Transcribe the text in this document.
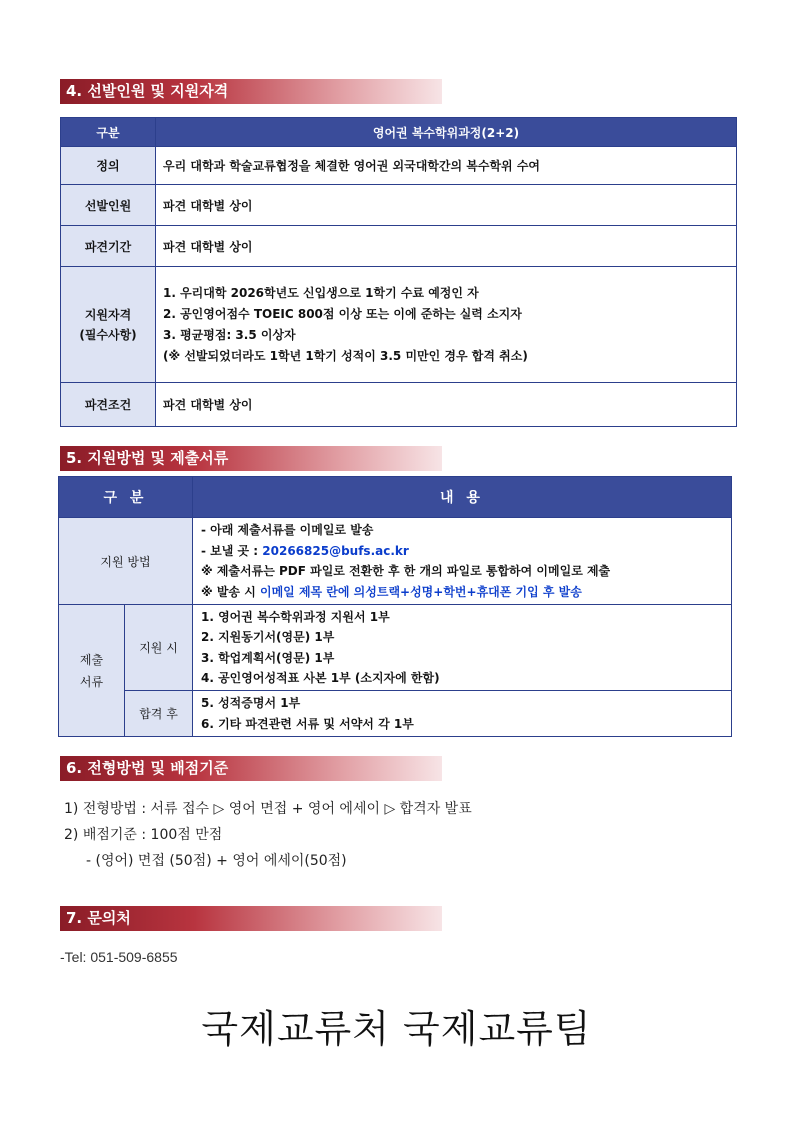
4. 선발인원 및 지원자격
구분	영어권 복수학위과정(2+2)
정의	우리 대학과 학술교류협정을 체결한 영어권 외국대학간의 복수학위 수여
선발인원	파견 대학별 상이
파견기간	파견 대학별 상이

지원자격
(필수사항)	1. 우리대학 2026학년도 신입생으로 1학기 수료 예정인 자
2. 공인영어점수 TOEIC 800점 이상 또는 이에 준하는 실력 소지자
3. 평균평점: 3.5 이상자
(※ 선발되었더라도 1학년 1학기 성적이 3.5 미만인 경우 합격 취소)

파견조건	파견 대학별 상이
5. 지원방법 및 제출서류
구 분		내 용
지원 방법		- 아래 제출서류를 이메일로 발송
- 보낼 곳 : 20266825@bufs.ac.kr
※ 제출서류는 PDF 파일로 전환한 후 한 개의 파일로 통합하여 이메일로 제출
※ 발송 시 이메일 제목 란에 의성트랙+성명+학번+휴대폰 기입 후 발송

제출
서류	지원 시	1. 영어권 복수학위과정 지원서 1부
2. 지원동기서(영문) 1부
3. 학업계획서(영문) 1부
4. 공인영어성적표 사본 1부 (소지자에 한함)

	합격 후	5. 성적증명서 1부
6. 기타 파견관련 서류 및 서약서 각 1부
6. 전형방법 및 배점기준
1) 전형방법 : 서류 접수 ▷ 영어 면접 + 영어 에세이 ▷ 합격자 발표
2) 배점기준 : 100점 만점
- (영어) 면접 (50점) + 영어 에세이(50점)
7. 문의처
-Tel: 051-509-6855
국제교류처 국제교류팀
